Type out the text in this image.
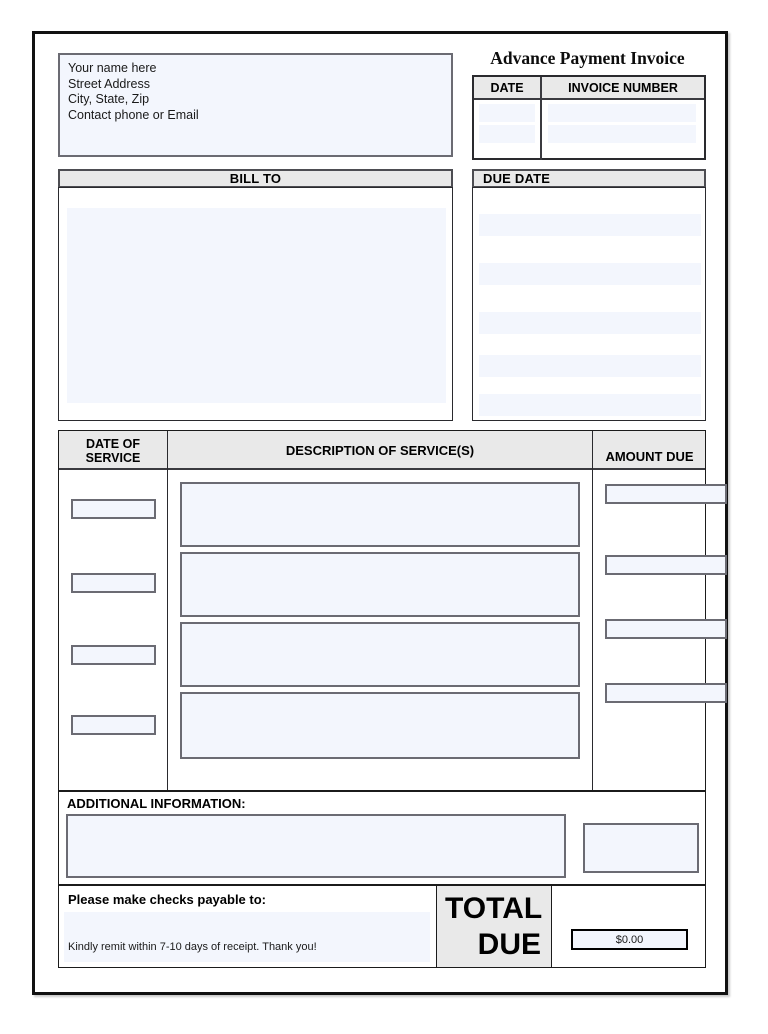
Your name here
Street Address
City, State, Zip
Contact phone or Email
Advance Payment Invoice
DATE	INVOICE NUMBER
BILL TO	DUE DATE
DATE OF
SERVICE	DESCRIPTION OF SERVICE(S)	AMOUNT DUE
ADDITIONAL INFORMATION:
Please make checks payable to:
Kindly remit within 7-10 days of receipt. Thank you!
TOTAL
DUE	$0.00
